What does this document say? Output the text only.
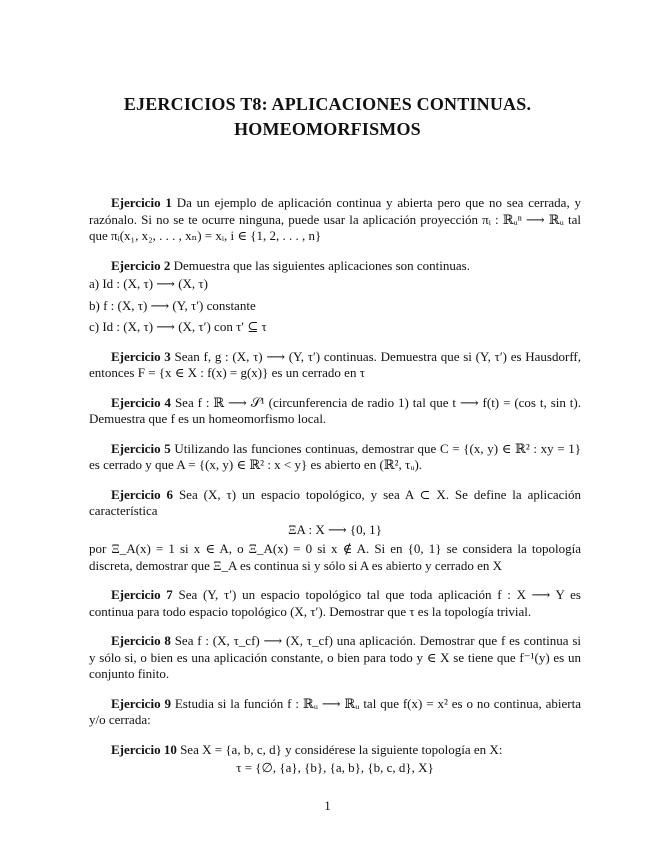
EJERCICIOS T8: APLICACIONES CONTINUAS.
HOMEOMORFISMOS

Ejercicio 1 Da un ejemplo de aplicación continua y abierta pero que no sea cerrada, y razónalo. Si no se te ocurre ninguna, puede usar la aplicación proyección πᵢ : ℝᵤⁿ ⟶ ℝᵤ tal que πᵢ(x₁, x₂, . . . , xₙ) = xᵢ, i ∈ {1, 2, . . . , n}

Ejercicio 2 Demuestra que las siguientes aplicaciones son continuas.

a) Id : (X, τ) ⟶ (X, τ)
b) f : (X, τ) ⟶ (Y, τ′) constante
c) Id : (X, τ) ⟶ (X, τ′) con τ′ ⊆ τ

Ejercicio 3 Sean f, g : (X, τ) ⟶ (Y, τ′) continuas. Demuestra que si (Y, τ′) es Hausdorff, entonces F = {x ∈ X : f(x) = g(x)} es un cerrado en τ

Ejercicio 4 Sea f : ℝ ⟶ 𝒮¹ (circunferencia de radio 1) tal que t ⟶ f(t) = (cos t, sin t). Demuestra que f es un homeomorfismo local.

Ejercicio 5 Utilizando las funciones continuas, demostrar que C = {(x, y) ∈ ℝ² : xy = 1} es cerrado y que A = {(x, y) ∈ ℝ² : x < y} es abierto en (ℝ², τᵤ).

Ejercicio 6 Sea (X, τ) un espacio topológico, y sea A ⊂ X. Se define la aplicación característica

ΞA : X ⟶ {0, 1}
por Ξ_A(x) = 1 si x ∈ A, o Ξ_A(x) = 0 si x ∉ A. Si en {0, 1} se considera la topología discreta, demostrar que Ξ_A es continua si y sólo si A es abierto y cerrado en X

Ejercicio 7 Sea (Y, τ′) un espacio topológico tal que toda aplicación f : X ⟶ Y es continua para todo espacio topológico (X, τ′). Demostrar que τ es la topología trivial.

Ejercicio 8 Sea f : (X, τ_cf) ⟶ (X, τ_cf) una aplicación. Demostrar que f es continua si y sólo si, o bien es una aplicación constante, o bien para todo y ∈ X se tiene que f⁻¹(y) es un conjunto finito.

Ejercicio 9 Estudia si la función f : ℝᵤ ⟶ ℝᵤ tal que f(x) = x² es o no continua, abierta y/o cerrada:

Ejercicio 10 Sea X = {a, b, c, d} y considérese la siguiente topología en X:

τ = {∅, {a}, {b}, {a, b}, {b, c, d}, X}
1
